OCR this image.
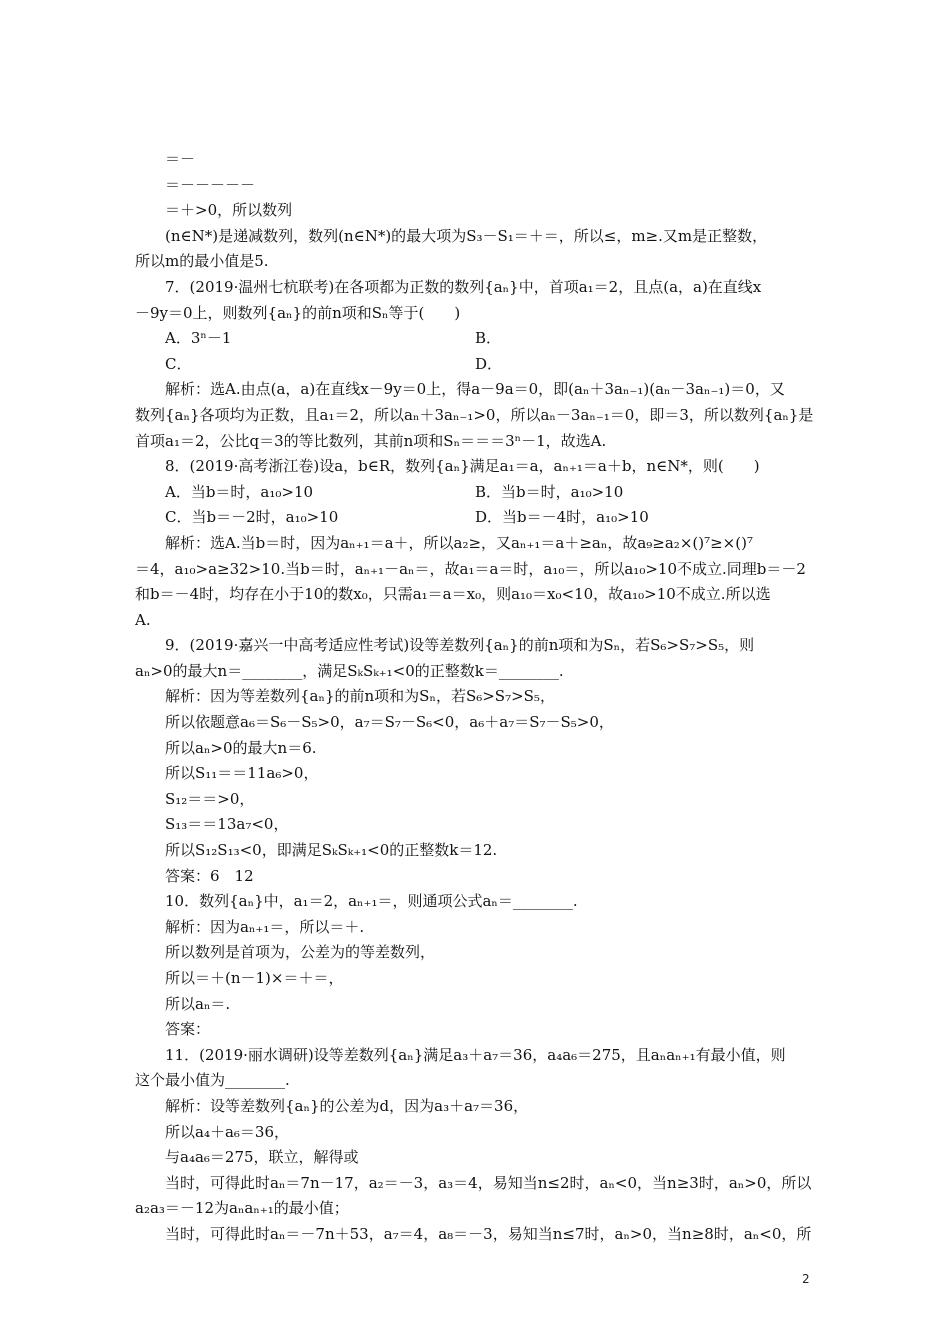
＝－
＝－－－－－
＝＋>0，所以数列
(n∈N*)是递减数列，数列(n∈N*)的最大项为S₃－S₁＝＋＝，所以≤，m≥.又m是正整数，
所以m的最小值是5.
7．(2019·温州七杭联考)在各项都为正数的数列{aₙ}中，首项a₁＝2，且点(a，a)在直线x
－9y＝0上，则数列{aₙ}的前n项和Sₙ等于(　　)
A．3ⁿ－1	B．
C．	D．
解析：选A.由点(a，a)在直线x－9y＝0上，得a－9a＝0，即(aₙ＋3aₙ₋₁)(aₙ－3aₙ₋₁)＝0，又
数列{aₙ}各项均为正数，且a₁＝2，所以aₙ＋3aₙ₋₁>0，所以aₙ－3aₙ₋₁＝0，即＝3，所以数列{aₙ}是
首项a₁＝2，公比q＝3的等比数列，其前n项和Sₙ＝＝＝3ⁿ－1，故选A.
8．(2019·高考浙江卷)设a，b∈R，数列{aₙ}满足a₁＝a，aₙ₊₁＝a＋b，n∈N*，则(　　)
A．当b＝时，a₁₀>10	B．当b＝时，a₁₀>10
C．当b＝－2时，a₁₀>10	D．当b＝－4时，a₁₀>10
解析：选A.当b＝时，因为aₙ₊₁＝a＋，所以a₂≥，又aₙ₊₁＝a＋≥aₙ，故a₉≥a₂×()⁷≥×()⁷
＝4，a₁₀>a≥32>10.当b＝时，aₙ₊₁－aₙ＝，故a₁＝a＝时，a₁₀＝，所以a₁₀>10不成立.同理b＝－2
和b＝－4时，均存在小于10的数x₀，只需a₁＝a＝x₀，则a₁₀＝x₀<10，故a₁₀>10不成立.所以选
A.
9．(2019·嘉兴一中高考适应性考试)设等差数列{aₙ}的前n项和为Sₙ，若S₆>S₇>S₅，则
aₙ>0的最大n＝________，满足SₖSₖ₊₁<0的正整数k＝________.
解析：因为等差数列{aₙ}的前n项和为Sₙ，若S₆>S₇>S₅，
所以依题意a₆＝S₆－S₅>0，a₇＝S₇－S₆<0，a₆＋a₇＝S₇－S₅>0，
所以aₙ>0的最大n＝6.
所以S₁₁＝＝11a₆>0，
S₁₂＝＝>0，
S₁₃＝＝13a₇<0，
所以S₁₂S₁₃<0，即满足SₖSₖ₊₁<0的正整数k＝12.
答案：6　12
10．数列{aₙ}中，a₁＝2，aₙ₊₁＝，则通项公式aₙ＝________.
解析：因为aₙ₊₁＝，所以＝＋.
所以数列是首项为，公差为的等差数列，
所以＝＋(n－1)×＝＋＝，
所以aₙ＝.
答案：
11．(2019·丽水调研)设等差数列{aₙ}满足a₃＋a₇＝36，a₄a₆＝275，且aₙaₙ₊₁有最小值，则
这个最小值为________.
解析：设等差数列{aₙ}的公差为d，因为a₃＋a₇＝36，
所以a₄＋a₆＝36，
与a₄a₆＝275，联立，解得或
当时，可得此时aₙ＝7n－17，a₂＝－3，a₃＝4，易知当n≤2时，aₙ<0，当n≥3时，aₙ>0，所以
a₂a₃＝－12为aₙaₙ₊₁的最小值；
当时，可得此时aₙ＝－7n＋53，a₇＝4，a₈＝－3，易知当n≤7时，aₙ>0，当n≥8时，aₙ<0，所
2
